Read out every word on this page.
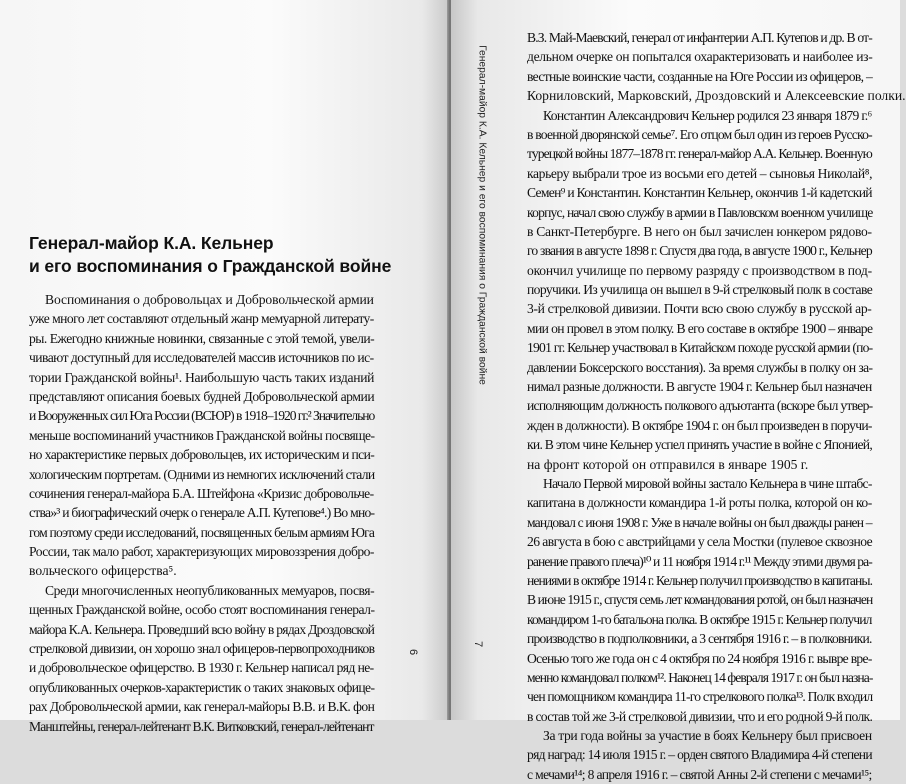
Генерал-майор К.А. Кельнер
и его воспоминания о Гражданской войне
Воспоминания о добровольцах и Добровольческой армии
уже много лет составляют отдельный жанр мемуарной литерату-
ры. Ежегодно книжные новинки, связанные с этой темой, увели-
чивают доступный для исследователей массив источников по ис-
тории Гражданской войны¹. Наибольшую часть таких изданий
представляют описания боевых будней Добровольческой армии
и Вооруженных сил Юга России (ВСЮР) в 1918–1920 гг.² Значительно
меньше воспоминаний участников Гражданской войны посвяще-
но характеристике первых добровольцев, их историческим и пси-
хологическим портретам. (Одними из немногих исключений стали
сочинения генерал-майора Б.А. Штейфона «Кризис добровольче-
ства»³ и биографический очерк о генерале А.П. Кутепове⁴.) Во мно-
гом поэтому среди исследований, посвященных белым армиям Юга
России, так мало работ, характеризующих мировоззрения добро-
вольческого офицерства⁵.
Среди многочисленных неопубликованных мемуаров, посвя-
щенных Гражданской войне, особо стоят воспоминания генерал-
майора К.А. Кельнера. Проведший всю войну в рядах Дроздовской
стрелковой дивизии, он хорошо знал офицеров-первопроходников
и добровольческое офицерство. В 1930 г. Кельнер написал ряд не-
опубликованных очерков-характеристик о таких знаковых офице-
рах Добровольческой армии, как генерал-майоры В.В. и В.К. фон
Манштейны, генерал-лейтенант В.К. Витковский, генерал-лейтенант
6
В.З. Май-Маевский, генерал от инфантерии А.П. Кутепов и др. В от-
дельном очерке он попытался охарактеризовать и наиболее из-
вестные воинские части, созданные на Юге России из офицеров, –
Корниловский, Марковский, Дроздовский и Алексеевские полки.
Константин Александрович Кельнер родился 23 января 1879 г.⁶
в военной дворянской семье⁷. Его отцом был один из героев Русско-
турецкой войны 1877–1878 гг. генерал-майор А.А. Кельнер. Военную
карьеру выбрали трое из восьми его детей – сыновья Николай⁸,
Семен⁹ и Константин. Константин Кельнер, окончив 1-й кадетский
корпус, начал свою службу в армии в Павловском военном училище
в Санкт-Петербурге. В него он был зачислен юнкером рядово-
го звания в августе 1898 г. Спустя два года, в августе 1900 г., Кельнер
окончил училище по первому разряду с производством в под-
поручики. Из училища он вышел в 9-й стрелковый полк в составе
3-й стрелковой дивизии. Почти всю свою службу в русской ар-
мии он провел в этом полку. В его составе в октябре 1900 – январе
1901 гг. Кельнер участвовал в Китайском походе русской армии (по-
давлении Боксерского восстания). За время службы в полку он за-
нимал разные должности. В августе 1904 г. Кельнер был назначен
исполняющим должность полкового адъютанта (вскоре был утвер-
жден в должности). В октябре 1904 г. он был произведен в поручи-
ки. В этом чине Кельнер успел принять участие в войне с Японией,
на фронт которой он отправился в январе 1905 г.
Начало Первой мировой войны застало Кельнера в чине штабс-
капитана в должности командира 1-й роты полка, которой он ко-
мандовал с июня 1908 г. Уже в начале войны он был дважды ранен –
26 августа в бою с австрийцами у села Мостки (пулевое сквозное
ранение правого плеча)¹⁰ и 11 ноября 1914 г.¹¹ Между этими двумя ра-
нениями в октябре 1914 г. Кельнер получил производство в капитаны.
В июне 1915 г., спустя семь лет командования ротой, он был назначен
командиром 1-го батальона полка. В октябре 1915 г. Кельнер получил
производство в подполковники, а 3 сентября 1916 г. – в полковники.
Осенью того же года он с 4 октября по 24 ноября 1916 г. вывре вре-
менно командовал полком¹². Наконец 14 февраля 1917 г. он был назна-
чен помощником командира 11-го стрелкового полка¹³. Полк входил
в состав той же 3-й стрелковой дивизии, что и его родной 9-й полк.
За три года войны за участие в боях Кельнеру был присвоен
ряд наград: 14 июля 1915 г. – орден святого Владимира 4-й степени
с мечами¹⁴; 8 апреля 1916 г. – святой Анны 2-й степени с мечами¹⁵;
Генерал-майор К.А. Кельнер и его воспоминания о Гражданской войне
7
